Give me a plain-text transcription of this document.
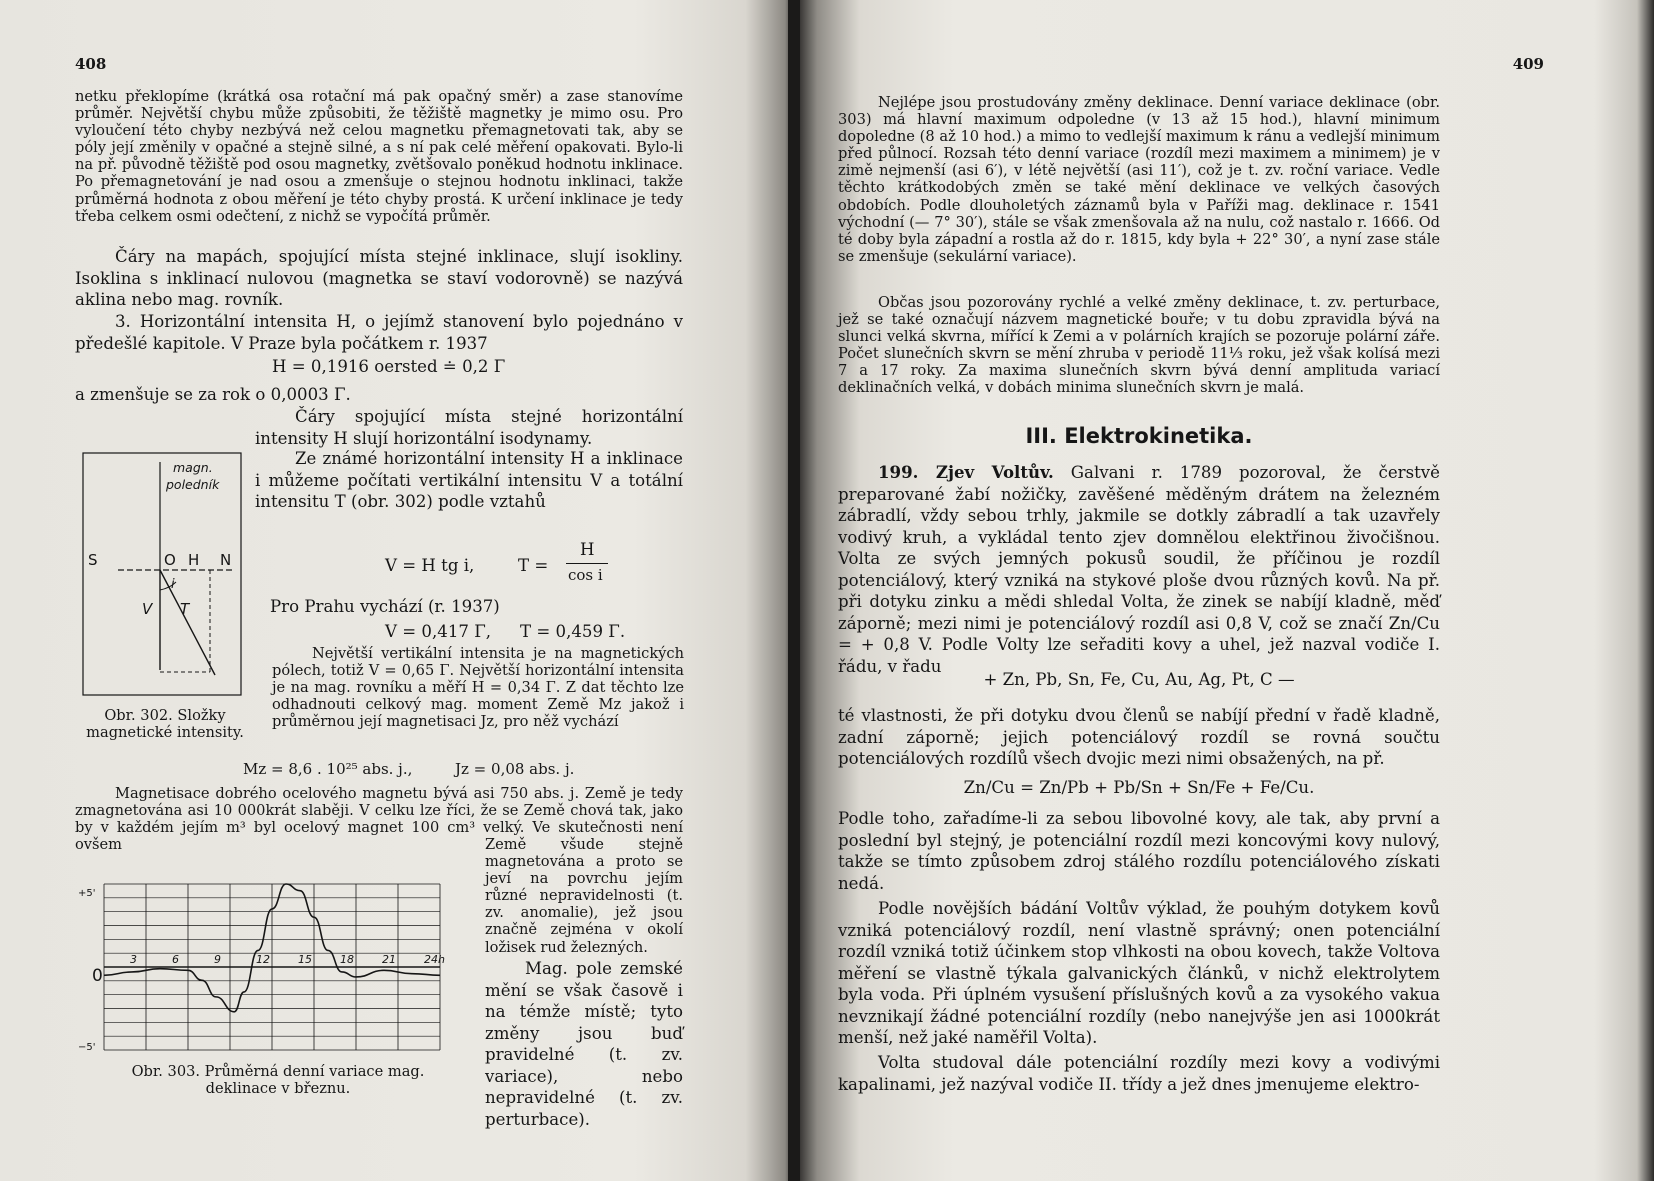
408

netku překlopíme (krátká osa rotační má pak opačný směr) a zase stanovíme průměr. Největší chybu může způsobiti, že těžiště magnetky je mimo osu. Pro vyloučení této chyby nezbývá než celou magnetku přemagnetovati tak, aby se póly její změnily v opačné a stejně silné, a s ní pak celé měření opakovati. Bylo-li na př. původně těžiště pod osou magnetky, zvětšovalo poněkud hodnotu inklinace. Po přemagnetování je nad osou a zmenšuje o stejnou hodnotu inklinaci, takže průměrná hodnota z obou měření je této chyby prostá. K určení inklinace je tedy třeba celkem osmi odečtení, z nichž se vypočítá průměr.

Čáry na mapách, spojující místa stejné inklinace, slují isokliny. Isoklina s inklinací nulovou (magnetka se staví vodorovně) se nazývá aklina nebo mag. rovník.

3. Horizontální intensita H, o jejímž stanovení bylo pojednáno v předešlé kapitole. V Praze byla počátkem r. 1937

H = 0,1916 oersted ≐ 0,2 Γ

a zmenšuje se za rok o 0,0003 Γ.

Čáry spojující místa stejné horizontální intensity H slují horizontální isodynamy.

Ze známé horizontální intensity H a inklinace i můžeme počítati vertikální intensitu V a totální intensitu T (obr. 302) podle vztahů

V = H tg i,	T =
H
cos i

Pro Prahu vychází (r. 1937)

V = 0,417 Γ, T = 0,459 Γ.

Největší vertikální intensita je na magnetických pólech, totiž V = 0,65 Γ. Největší horizontální intensita je na mag. rovníku a měří H = 0,34 Γ. Z dat těchto lze odhadnouti celkový mag. moment Země Mz jakož i průměrnou její magnetisaci Jz, pro něž vychází

Mz = 8,6 . 10²⁵ abs. j.,	Jz = 0,08 abs. j.

Magnetisace dobrého ocelového magnetu bývá asi 750 abs. j. Země je tedy zmagnetována asi 10 000krát slaběji. V celku lze říci, že se Země chová tak, jako by v každém jejím m³ byl ocelový magnet 100 cm³ velký. Ve skutečnosti není ovšem	Země všude stejně magnetována a proto se jeví na povrchu jejím různé nepravidelnosti (t. zv. anomalie), jež jsou značně zejména v okolí ložisek rud železných.

Mag. pole zemské mění se však časově i na témže místě; tyto změny jsou buď pravidelné (t. zv. variace), nebo nepravidelné (t. zv. perturbace).

magn.
poledník
S	O H N
i
V T
Obr. 302. Složky magnetické intensity.
+5'
0
−5'
3	6	9	12	15	18	21	24h
Obr. 303. Průměrná denní variace mag. deklinace v březnu.
409

Nejlépe jsou prostudovány změny deklinace. Denní variace deklinace (obr. 303) má hlavní maximum odpoledne (v 13 až 15 hod.), hlavní minimum dopoledne (8 až 10 hod.) a mimo to vedlejší maximum k ránu a vedlejší minimum před půlnocí. Rozsah této denní variace (rozdíl mezi maximem a minimem) je v zimě nejmenší (asi 6′), v létě největší (asi 11′), což je t. zv. roční variace. Vedle těchto krátkodobých změn se také mění deklinace ve velkých časových obdobích. Podle dlouholetých záznamů byla v Paříži mag. deklinace r. 1541 východní (— 7° 30′), stále se však zmenšovala až na nulu, což nastalo r. 1666. Od té doby byla západní a rostla až do r. 1815, kdy byla + 22° 30′, a nyní zase stále se zmenšuje (sekulární variace).

Občas jsou pozorovány rychlé a velké změny deklinace, t. zv. perturbace, jež se také označují názvem magnetické bouře; v tu dobu zpravidla bývá na slunci velká skvrna, mířící k Zemi a v polárních krajích se pozoruje polární záře. Počet slunečních skvrn se mění zhruba v periodě 11⅓ roku, jež však kolísá mezi 7 a 17 roky. Za maxima slunečních skvrn bývá denní amplituda variací deklinačních velká, v dobách minima slunečních skvrn je malá.

III. Elektrokinetika.

199. Zjev Voltův. Galvani r. 1789 pozoroval, že čerstvě preparované žabí nožičky, zavěšené měděným drátem na železném zábradlí, vždy sebou trhly, jakmile se dotkly zábradlí a tak uzavřely vodivý kruh, a vykládal tento zjev domnělou elektřinou živočišnou. Volta ze svých jemných pokusů soudil, že příčinou je rozdíl potenciálový, který vzniká na stykové ploše dvou různých kovů. Na př. při dotyku zinku a mědi shledal Volta, že zinek se nabíjí kladně, měď záporně; mezi nimi je potenciálový rozdíl asi 0,8 V, což se značí Zn/Cu = + 0,8 V. Podle Volty lze seřaditi kovy a uhel, jež nazval vodiče I. řádu, v řadu

+ Zn, Pb, Sn, Fe, Cu, Au, Ag, Pt, C —

té vlastnosti, že při dotyku dvou členů se nabíjí přední v řadě kladně, zadní záporně; jejich potenciálový rozdíl se rovná součtu potenciálových rozdílů všech dvojic mezi nimi obsažených, na př.

Zn/Cu = Zn/Pb + Pb/Sn + Sn/Fe + Fe/Cu.

Podle toho, zařadíme-li za sebou libovolné kovy, ale tak, aby první a poslední byl stejný, je potenciální rozdíl mezi koncovými kovy nulový, takže se tímto způsobem zdroj stálého rozdílu potenciálového získati nedá.

Podle novějších bádání Voltův výklad, že pouhým dotykem kovů vzniká potenciálový rozdíl, není vlastně správný; onen potenciální rozdíl vzniká totiž účinkem stop vlhkosti na obou kovech, takže Voltova měření se vlastně týkala galvanických článků, v nichž elektrolytem byla voda. Při úplném vysušení příslušných kovů a za vysokého vakua nevznikají žádné potenciální rozdíly (nebo nanejvýše jen asi 1000krát menší, než jaké naměřil Volta).

Volta studoval dále potenciální rozdíly mezi kovy a vodivými kapalinami, jež nazýval vodiče II. třídy a jež dnes jmenujeme elektro-
